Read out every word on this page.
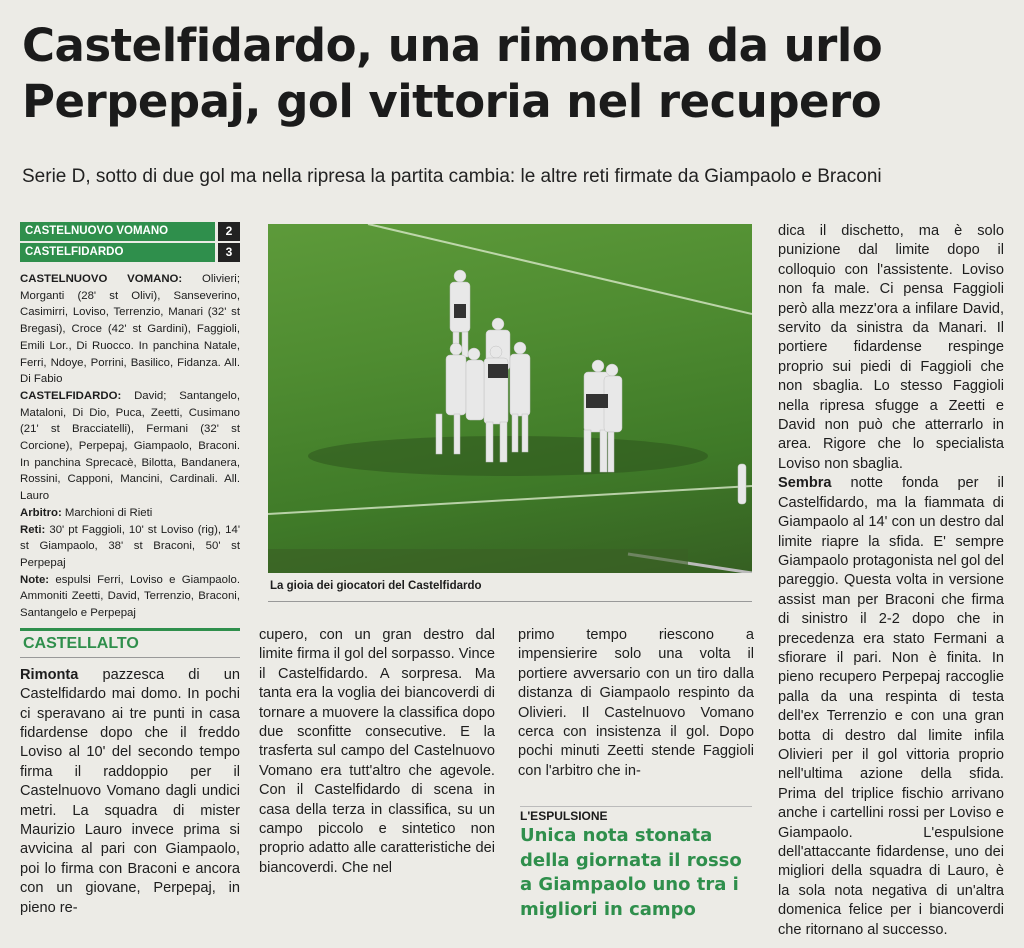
Castelfidardo, una rimonta da urlo
Perpepaj, gol vittoria nel recupero
Serie D, sotto di due gol ma nella ripresa la partita cambia: le altre reti firmate da Giampaolo e Braconi
CASTELNUOVO VOMANO	2
CASTELFIDARDO	3

CASTELNUOVO VOMANO: Olivieri; Morganti (28' st Olivi), Sanseverino, Casimirri, Loviso, Terrenzio, Manari (32' st Bregasi), Croce (42' st Gardini), Faggioli, Emili Lor., Di Ruocco. In panchina Natale, Ferri, Ndoye, Porrini, Basilico, Fidanza. All. Di Fabio

CASTELFIDARDO: David; Santangelo, Mataloni, Di Dio, Puca, Zeetti, Cusimano (21' st Bracciatelli), Fermani (32' st Corcione), Perpepaj, Giampaolo, Braconi. In panchina Sprecacè, Bilotta, Bandanera, Rossini, Capponi, Mancini, Cardinali. All. Lauro

Arbitro: Marchioni di Rieti

Reti: 30' pt Faggioli, 10' st Loviso (rig), 14' st Giampaolo, 38' st Braconi, 50' st Perpepaj

Note: espulsi Ferri, Loviso e Giampaolo. Ammoniti Zeetti, David, Terrenzio, Braconi, Santangelo e Perpepaj

CASTELLALTO

Rimonta pazzesca di un Castelfidardo mai domo. In pochi ci speravano ai tre punti in casa fidardense dopo che il freddo Loviso al 10' del secondo tempo firma il raddoppio per il Castelnuovo Vomano dagli undici metri. La squadra di mister Maurizio Lauro invece prima si avvicina al pari con Giampaolo, poi lo firma con Braconi e ancora con un giovane, Perpepaj, in pieno re-

La gioia dei giocatori del Castelfidardo

cupero, con un gran destro dal limite firma il gol del sorpasso. Vince il Castelfidardo. A sorpresa. Ma tanta era la voglia dei biancoverdi di tornare a muovere la classifica dopo due sconfitte consecutive. E la trasferta sul campo del Castelnuovo Vomano era tutt'altro che agevole. Con il Castelfidardo di scena in casa della terza in classifica, su un campo piccolo e sintetico non proprio adatto alle caratteristiche dei biancoverdi. Che nel

primo tempo riescono a impensierire solo una volta il portiere avversario con un tiro dalla distanza di Giampaolo respinto da Olivieri. Il Castelnuovo Vomano cerca con insistenza il gol. Dopo pochi minuti Zeetti stende Faggioli con l'arbitro che in-

L'ESPULSIONE
Unica nota stonata della giornata il rosso a Giampaolo uno tra i migliori in campo

dica il dischetto, ma è solo punizione dal limite dopo il colloquio con l'assistente. Loviso non fa male. Ci pensa Faggioli però alla mezz'ora a infilare David, servito da sinistra da Manari. Il portiere fidardense respinge proprio sui piedi di Faggioli che non sbaglia. Lo stesso Faggioli nella ripresa sfugge a Zeetti e David non può che atterrarlo in area. Rigore che lo specialista Loviso non sbaglia.

Sembra notte fonda per il Castelfidardo, ma la fiammata di Giampaolo al 14' con un destro dal limite riapre la sfida. E' sempre Giampaolo protagonista nel gol del pareggio. Questa volta in versione assist man per Braconi che firma di sinistro il 2-2 dopo che in precedenza era stato Fermani a sfiorare il pari. Non è finita. In pieno recupero Perpepaj raccoglie palla da una respinta di testa dell'ex Terrenzio e con una gran botta di destro dal limite infila Olivieri per il gol vittoria proprio nell'ultima azione della sfida. Prima del triplice fischio arrivano anche i cartellini rossi per Loviso e Giampaolo. L'espulsione dell'attaccante fidardense, uno dei migliori della squadra di Lauro, è la sola nota negativa di un'altra domenica felice per i biancoverdi che ritornano al successo.
